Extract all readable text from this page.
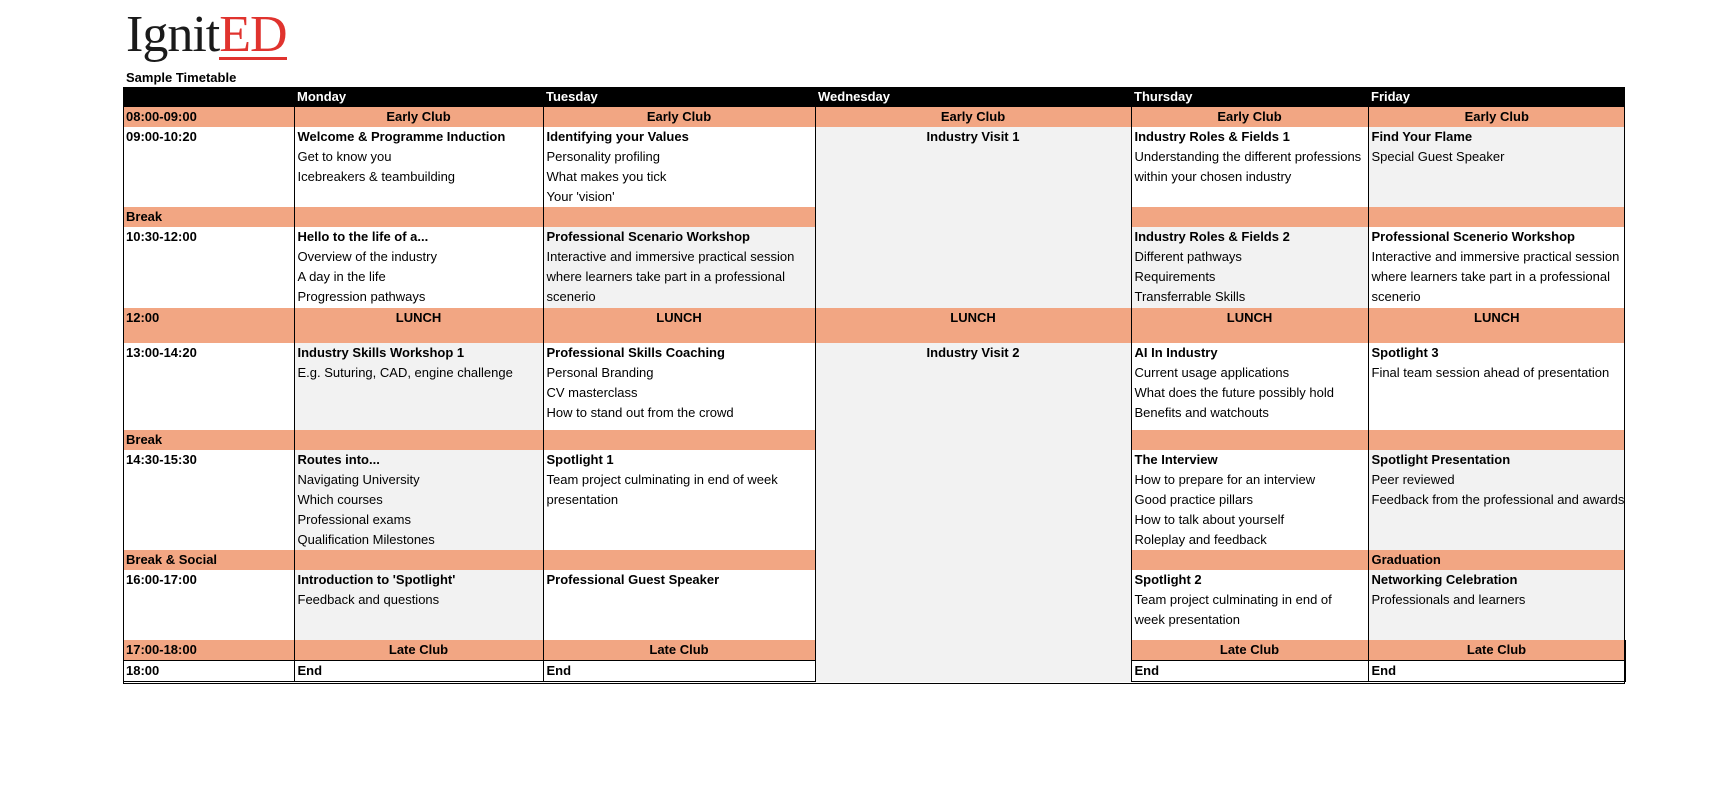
IgnitED
Sample Timetable
	Monday	Tuesday	Wednesday	Thursday	Friday	
08:00-09:00	Early Club	Early Club	Early Club	Early Club	Early Club	
09:00-10:20	Welcome & Programme Induction
Get to know you
Icebreakers & teambuilding	Identifying your Values
Personality profiling
What makes you tick
Your 'vision'	Industry Visit 1	Industry Roles & Fields 1
Understanding the different professions
within your chosen industry	Find Your Flame
Special Guest Speaker	

Break						
10:30-12:00	Hello to the life of a...
Overview of the industry
A day in the life
Progression pathways	Professional Scenario Workshop
Interactive and immersive practical session
where learners take part in a professional
scenerio		Industry Roles & Fields 2
Different pathways
Requirements
Transferrable Skills	Professional Scenerio Workshop
Interactive and immersive practical session
where learners take part in a professional
scenerio	

12:00	LUNCH	LUNCH	LUNCH	LUNCH	LUNCH	
13:00-14:20	Industry Skills Workshop 1
E.g. Suturing, CAD, engine challenge	Professional Skills Coaching
Personal Branding
CV masterclass
How to stand out from the crowd	Industry Visit 2	AI In Industry
Current usage applications
What does the future possibly hold
Benefits and watchouts	Spotlight 3
Final team session ahead of presentation	

Break						
14:30-15:30	Routes into...
Navigating University
Which courses
Professional exams
Qualification Milestones	Spotlight 1
Team project culminating in end of week
presentation		The Interview
How to prepare for an interview
Good practice pillars
How to talk about yourself
Roleplay and feedback	Spotlight Presentation
Peer reviewed
Feedback from the professional and awards	

Break & Social					Graduation	
16:00-17:00	Introduction to 'Spotlight'
Feedback and questions	Professional Guest Speaker		Spotlight 2
Team project culminating in end of
week presentation	Networking Celebration
Professionals and learners	

17:00-18:00	Late Club	Late Club		Late Club	Late Club	
18:00	End	End		End	End	
